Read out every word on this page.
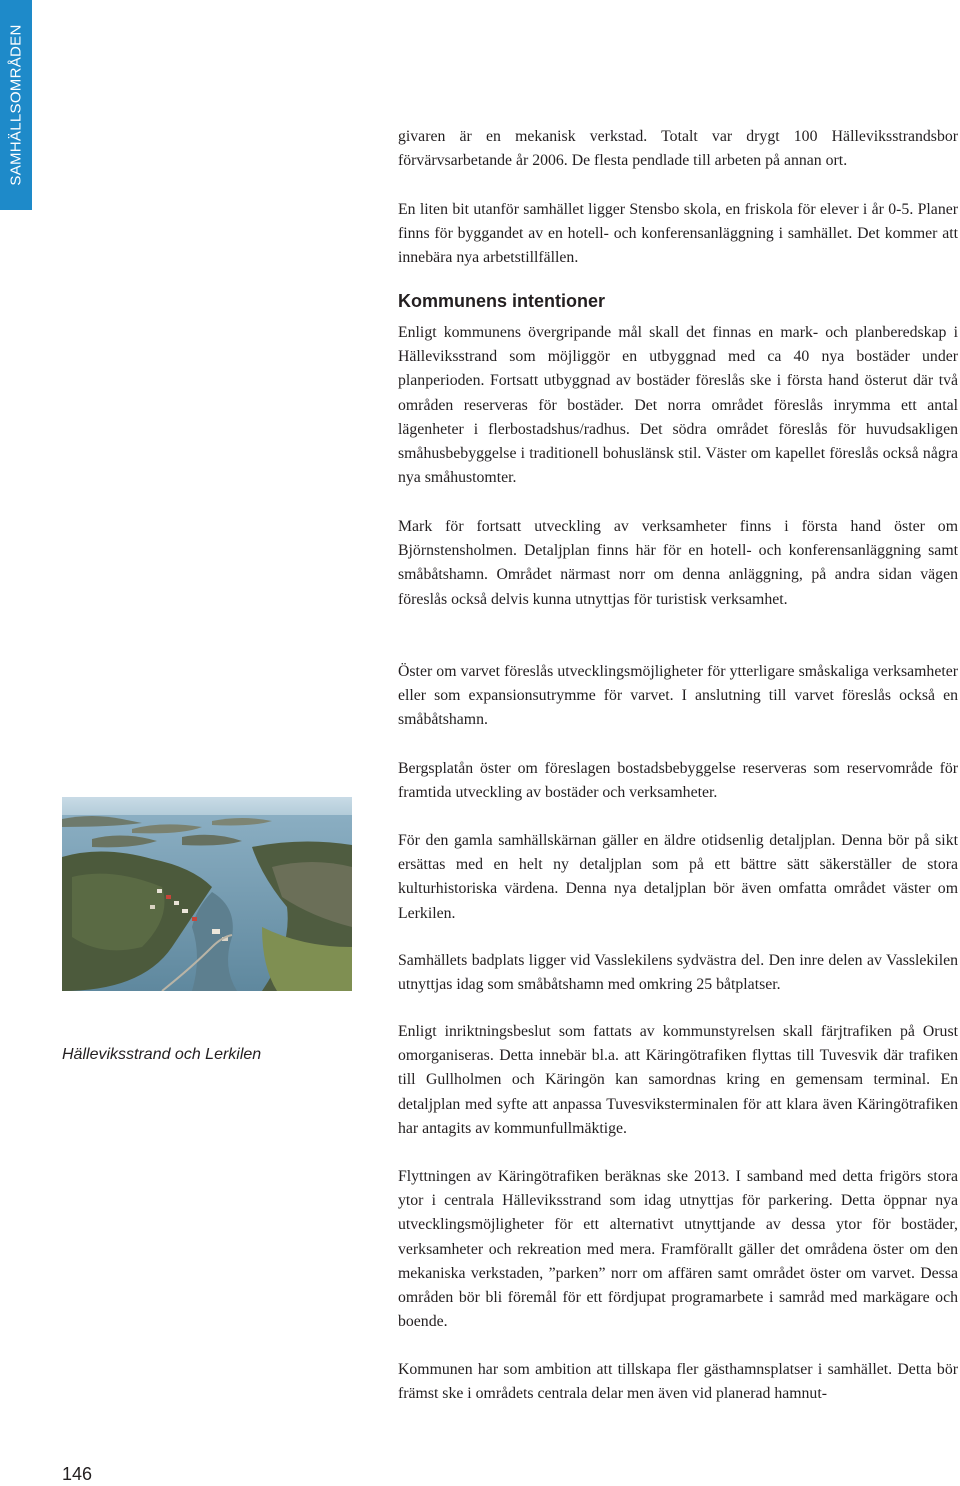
SAMHÄLLSOMRÅDEN	givaren är en mekanisk verkstad. Totalt var drygt 100 Hälleviksstrandsbor förvärvsarbetande år 2006. De flesta pendlade till arbeten på annan ort.

En liten bit utanför samhället ligger Stensbo skola, en friskola för elever i år 0-5. Planer finns för byggandet av en hotell- och konferensanläggning i samhället. Det kommer att innebära nya arbetstillfällen.

Kommunens intentioner

Enligt kommunens övergripande mål skall det finnas en mark- och planberedskap i Hälleviksstrand som möjliggör en utbyggnad med ca 40 nya bostäder under planperioden. Fortsatt utbyggnad av bostäder föreslås ske i första hand österut där två områden reserveras för bostäder. Det norra området föreslås inrymma ett antal lägenheter i flerbostadshus/radhus. Det södra området föreslås för huvudsakligen småhusbebyggelse i traditionell bohuslänsk stil. Väster om kapellet föreslås också några nya småhustomter.

Mark för fortsatt utveckling av verksamheter finns i första hand öster om Björnstensholmen. Detaljplan finns här för en hotell- och konferensanläggning samt småbåtshamn. Området närmast norr om denna anläggning, på andra sidan vägen föreslås också delvis kunna utnyttjas för turistisk verksamhet.

Öster om varvet föreslås utvecklingsmöjligheter för ytterligare småskaliga verksamheter eller som expansionsutrymme för varvet. I anslutning till varvet föreslås också en småbåtshamn.

Bergsplatån öster om föreslagen bostadsbebyggelse reserveras som reservområde för framtida utveckling av bostäder och verksamheter.

För den gamla samhällskärnan gäller en äldre otidsenlig detaljplan. Denna bör på sikt ersättas med en helt ny detaljplan som på ett bättre sätt säkerställer de stora kulturhistoriska värdena. Denna nya detaljplan bör även omfatta området väster om Lerkilen.

Samhällets badplats ligger vid Vasslekilens sydvästra del. Den inre delen av Vasslekilen utnyttjas idag som småbåtshamn med omkring 25 båtplatser.

Enligt inriktningsbeslut som fattats av kommunstyrelsen skall färjtrafiken på Orust omorganiseras. Detta innebär bl.a. att Käringötrafiken flyttas till Tuvesvik där trafiken till Gullholmen och Käringön kan samordnas kring en gemensam terminal. En detaljplan med syfte att anpassa Tuvesviksterminalen för att klara även Käringötrafiken har antagits av kommunfullmäktige.

Flyttningen av Käringötrafiken beräknas ske 2013. I samband med detta frigörs stora ytor i centrala Hälleviksstrand som idag utnyttjas för parkering. Detta öppnar nya utvecklingsmöjligheter för ett alternativt utnyttjande av dessa ytor för bostäder, verksamheter och rekreation med mera. Framförallt gäller det områdena öster om den mekaniska verkstaden, ”parken” norr om affären samt området öster om varvet. Dessa områden bör bli föremål för ett fördjupat programarbete i samråd med markägare och boende.

Kommunen har som ambition att tillskapa fler gästhamnsplatser i samhället. Detta bör främst ske i områdets centrala delar men även vid planerad hamnut-

Hälleviksstrand och Lerkilen
146
